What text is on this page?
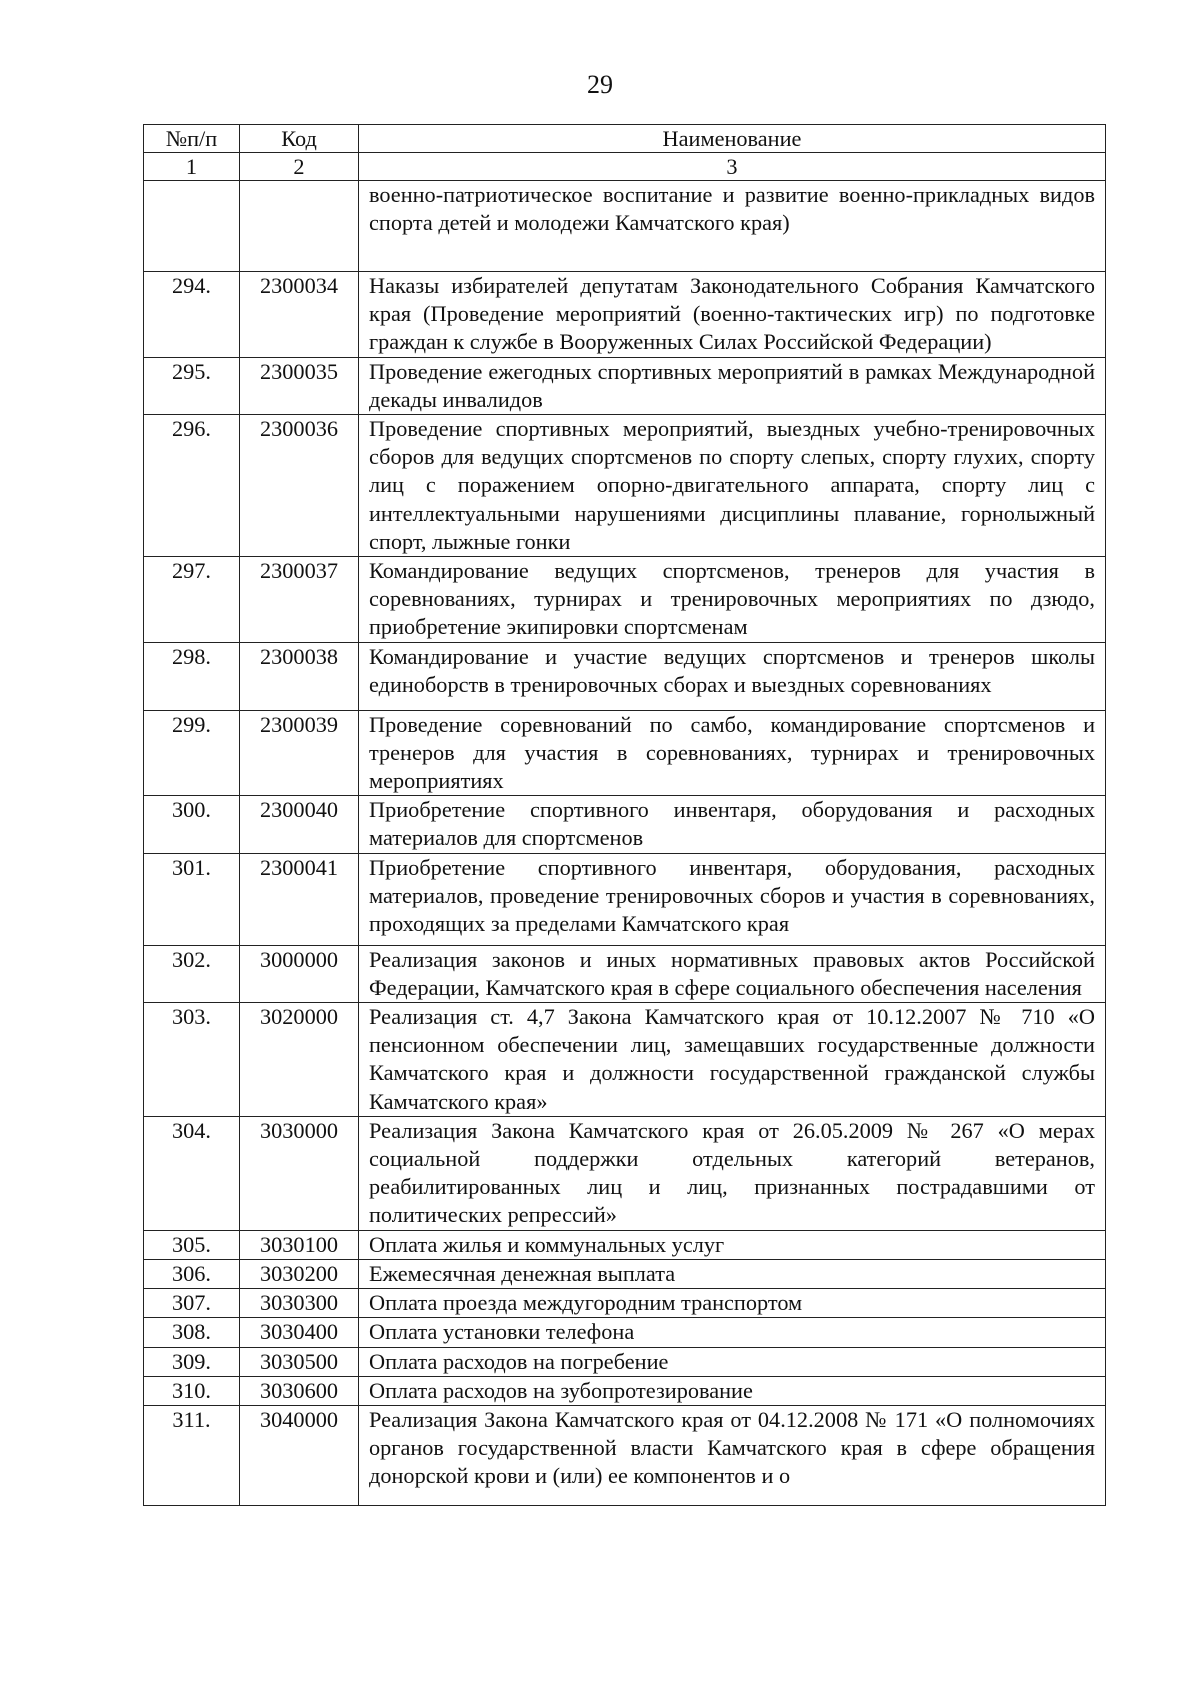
29
№п/п	Код	Наименование
1	2	3
		военно-патриотическое воспитание и развитие военно-прикладных видов спорта детей и молодежи Камчатского края)
294.	2300034	Наказы избирателей депутатам Законодательного Собрания Камчатского края (Проведение мероприятий (военно-тактических игр) по подготовке граждан к службе в Вооруженных Силах Российской Федерации)
295.	2300035	Проведение ежегодных спортивных мероприятий в рамках Международной декады инвалидов
296.	2300036	Проведение спортивных мероприятий, выездных учебно-тренировочных сборов для ведущих спортсменов по спорту слепых, спорту глухих, спорту лиц с поражением опорно-двигательного аппарата, спорту лиц с интеллектуальными нарушениями дисциплины плавание, горнолыжный спорт, лыжные гонки
297.	2300037	Командирование ведущих спортсменов, тренеров для участия в соревнованиях, турнирах и тренировочных мероприятиях по дзюдо, приобретение экипировки спортсменам
298.	2300038	Командирование и участие ведущих спортсменов и тренеров школы единоборств в тренировочных сборах и выездных соревнованиях
299.	2300039	Проведение соревнований по самбо, командирование спортсменов и тренеров для участия в соревнованиях, турнирах и тренировочных мероприятиях
300.	2300040	Приобретение спортивного инвентаря, оборудования и расходных материалов для спортсменов
301.	2300041	Приобретение спортивного инвентаря, оборудования, расходных материалов, проведение тренировочных сборов и участия в соревнованиях, проходящих за пределами Камчатского края
302.	3000000	Реализация законов и иных нормативных правовых актов Российской Федерации, Камчатского края в сфере социального обеспечения населения
303.	3020000	Реализация ст. 4,7 Закона Камчатского края от 10.12.2007 № 710 «О пенсионном обеспечении лиц, замещавших государственные должности Камчатского края и должности государственной гражданской службы Камчатского края»
304.	3030000	Реализация Закона Камчатского края от 26.05.2009 № 267 «О мерах социальной поддержки отдельных категорий ветеранов, реабилитированных лиц и лиц, признанных пострадавшими от политических репрессий»
305.	3030100	Оплата жилья и коммунальных услуг
306.	3030200	Ежемесячная денежная выплата
307.	3030300	Оплата проезда междугородним транспортом
308.	3030400	Оплата установки телефона
309.	3030500	Оплата расходов на погребение
310.	3030600	Оплата расходов на зубопротезирование
311.	3040000	Реализация Закона Камчатского края от 04.12.2008 № 171 «О полномочиях органов государственной власти Камчатского края в сфере обращения донорской крови и (или) ее компонентов и о
